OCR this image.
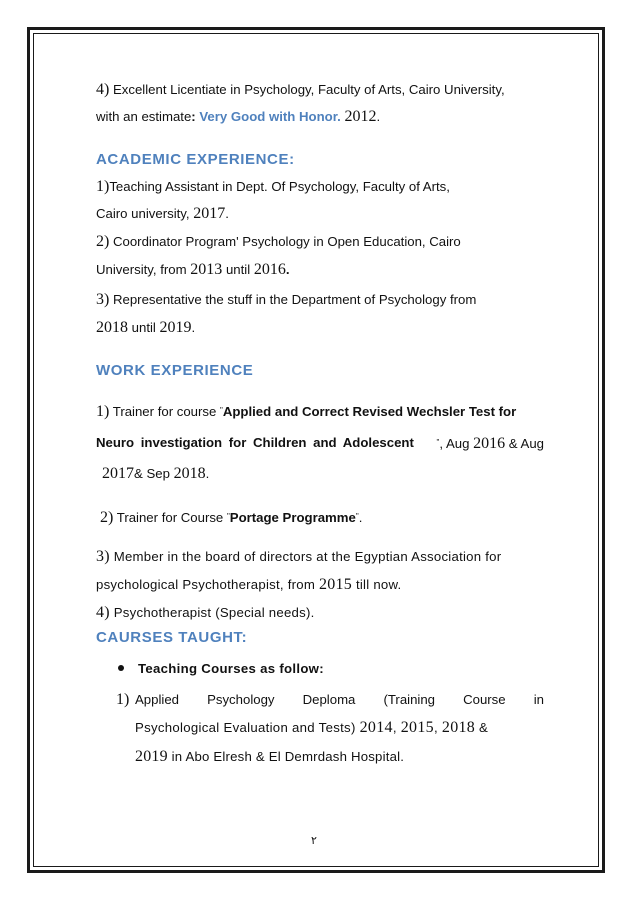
4) Excellent Licentiate in Psychology, Faculty of Arts, Cairo University,
with an estimate: Very Good with Honor. 2012.
ACADEMIC EXPERIENCE:
1)Teaching Assistant in Dept. Of Psychology, Faculty of Arts,
Cairo university, 2017.
2) Coordinator Program' Psychology in Open Education, Cairo
University, from 2013 until 2016.
3) Representative the stuff in the Department of Psychology from
2018 until 2019.
WORK EXPERIENCE
1) Trainer for course "Applied and Correct Revised Wechsler Test for
Neuro investigation for Children and Adolescent	", Aug 2016 & Aug
2017& Sep 2018.
2) Trainer for Course "Portage Programme".
3) Member in the board of directors at the Egyptian Association for
psychological Psychotherapist, from 2015 till now.
4) Psychotherapist (Special needs).
CAURSES TAUGHT:
Teaching Courses as follow:
1) Applied Psychology Deploma (Training Course in
Psychological Evaluation and Tests) 2014, 2015, 2018 &
2019 in Abo Elresh & El Demrdash Hospital.
٢
